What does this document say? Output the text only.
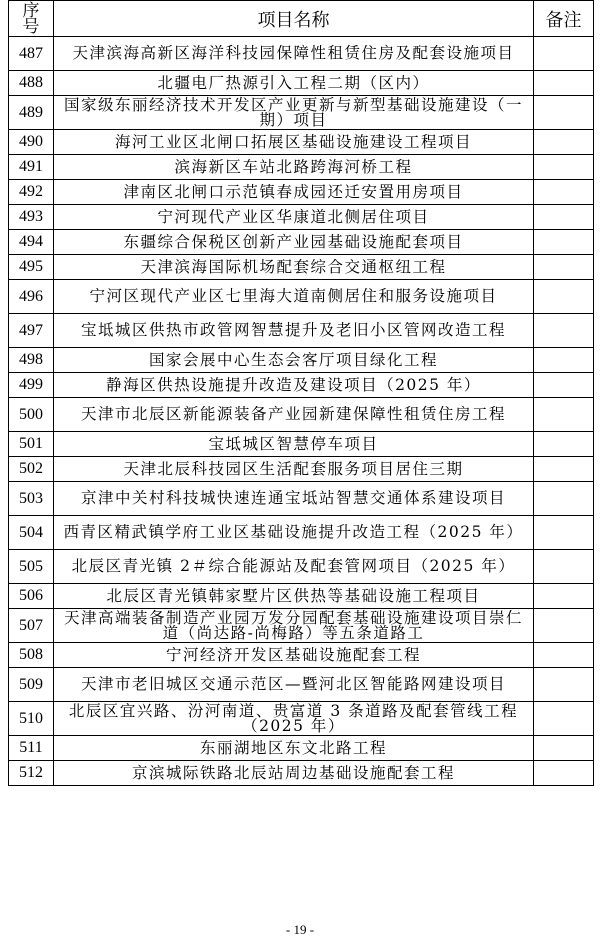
序
号	项目名称	备注
487	天津滨海高新区海洋科技园保障性租赁住房及配套设施项目	
488	北疆电厂热源引入工程二期（区内）	
489	国家级东丽经济技术开发区产业更新与新型基础设施建设（一期）项目	
490	海河工业区北闸口拓展区基础设施建设工程项目	
491	滨海新区车站北路跨海河桥工程	
492	津南区北闸口示范镇春成园还迁安置用房项目	
493	宁河现代产业区华康道北侧居住项目	
494	东疆综合保税区创新产业园基础设施配套项目	
495	天津滨海国际机场配套综合交通枢纽工程	
496	宁河区现代产业区七里海大道南侧居住和服务设施项目	
497	宝坻城区供热市政管网智慧提升及老旧小区管网改造工程	
498	国家会展中心生态会客厅项目绿化工程	
499	静海区供热设施提升改造及建设项目（2025 年）	
500	天津市北辰区新能源装备产业园新建保障性租赁住房工程	
501	宝坻城区智慧停车项目	
502	天津北辰科技园区生活配套服务项目居住三期	
503	京津中关村科技城快速连通宝坻站智慧交通体系建设项目	
504	西青区精武镇学府工业区基础设施提升改造工程（2025 年）	
505	北辰区青光镇 2＃综合能源站及配套管网项目（2025 年）	
506	北辰区青光镇韩家墅片区供热等基础设施工程项目	
507	天津高端装备制造产业园万发分园配套基础设施建设项目崇仁道（尚达路-尚梅路）等五条道路工	
508	宁河经济开发区基础设施配套工程	
509	天津市老旧城区交通示范区—暨河北区智能路网建设项目	
510	北辰区宜兴路、汾河南道、贵富道 3 条道路及配套管线工程（2025 年）	
511	东丽湖地区东文北路工程	
512	京滨城际铁路北辰站周边基础设施配套工程	
- 19 -
